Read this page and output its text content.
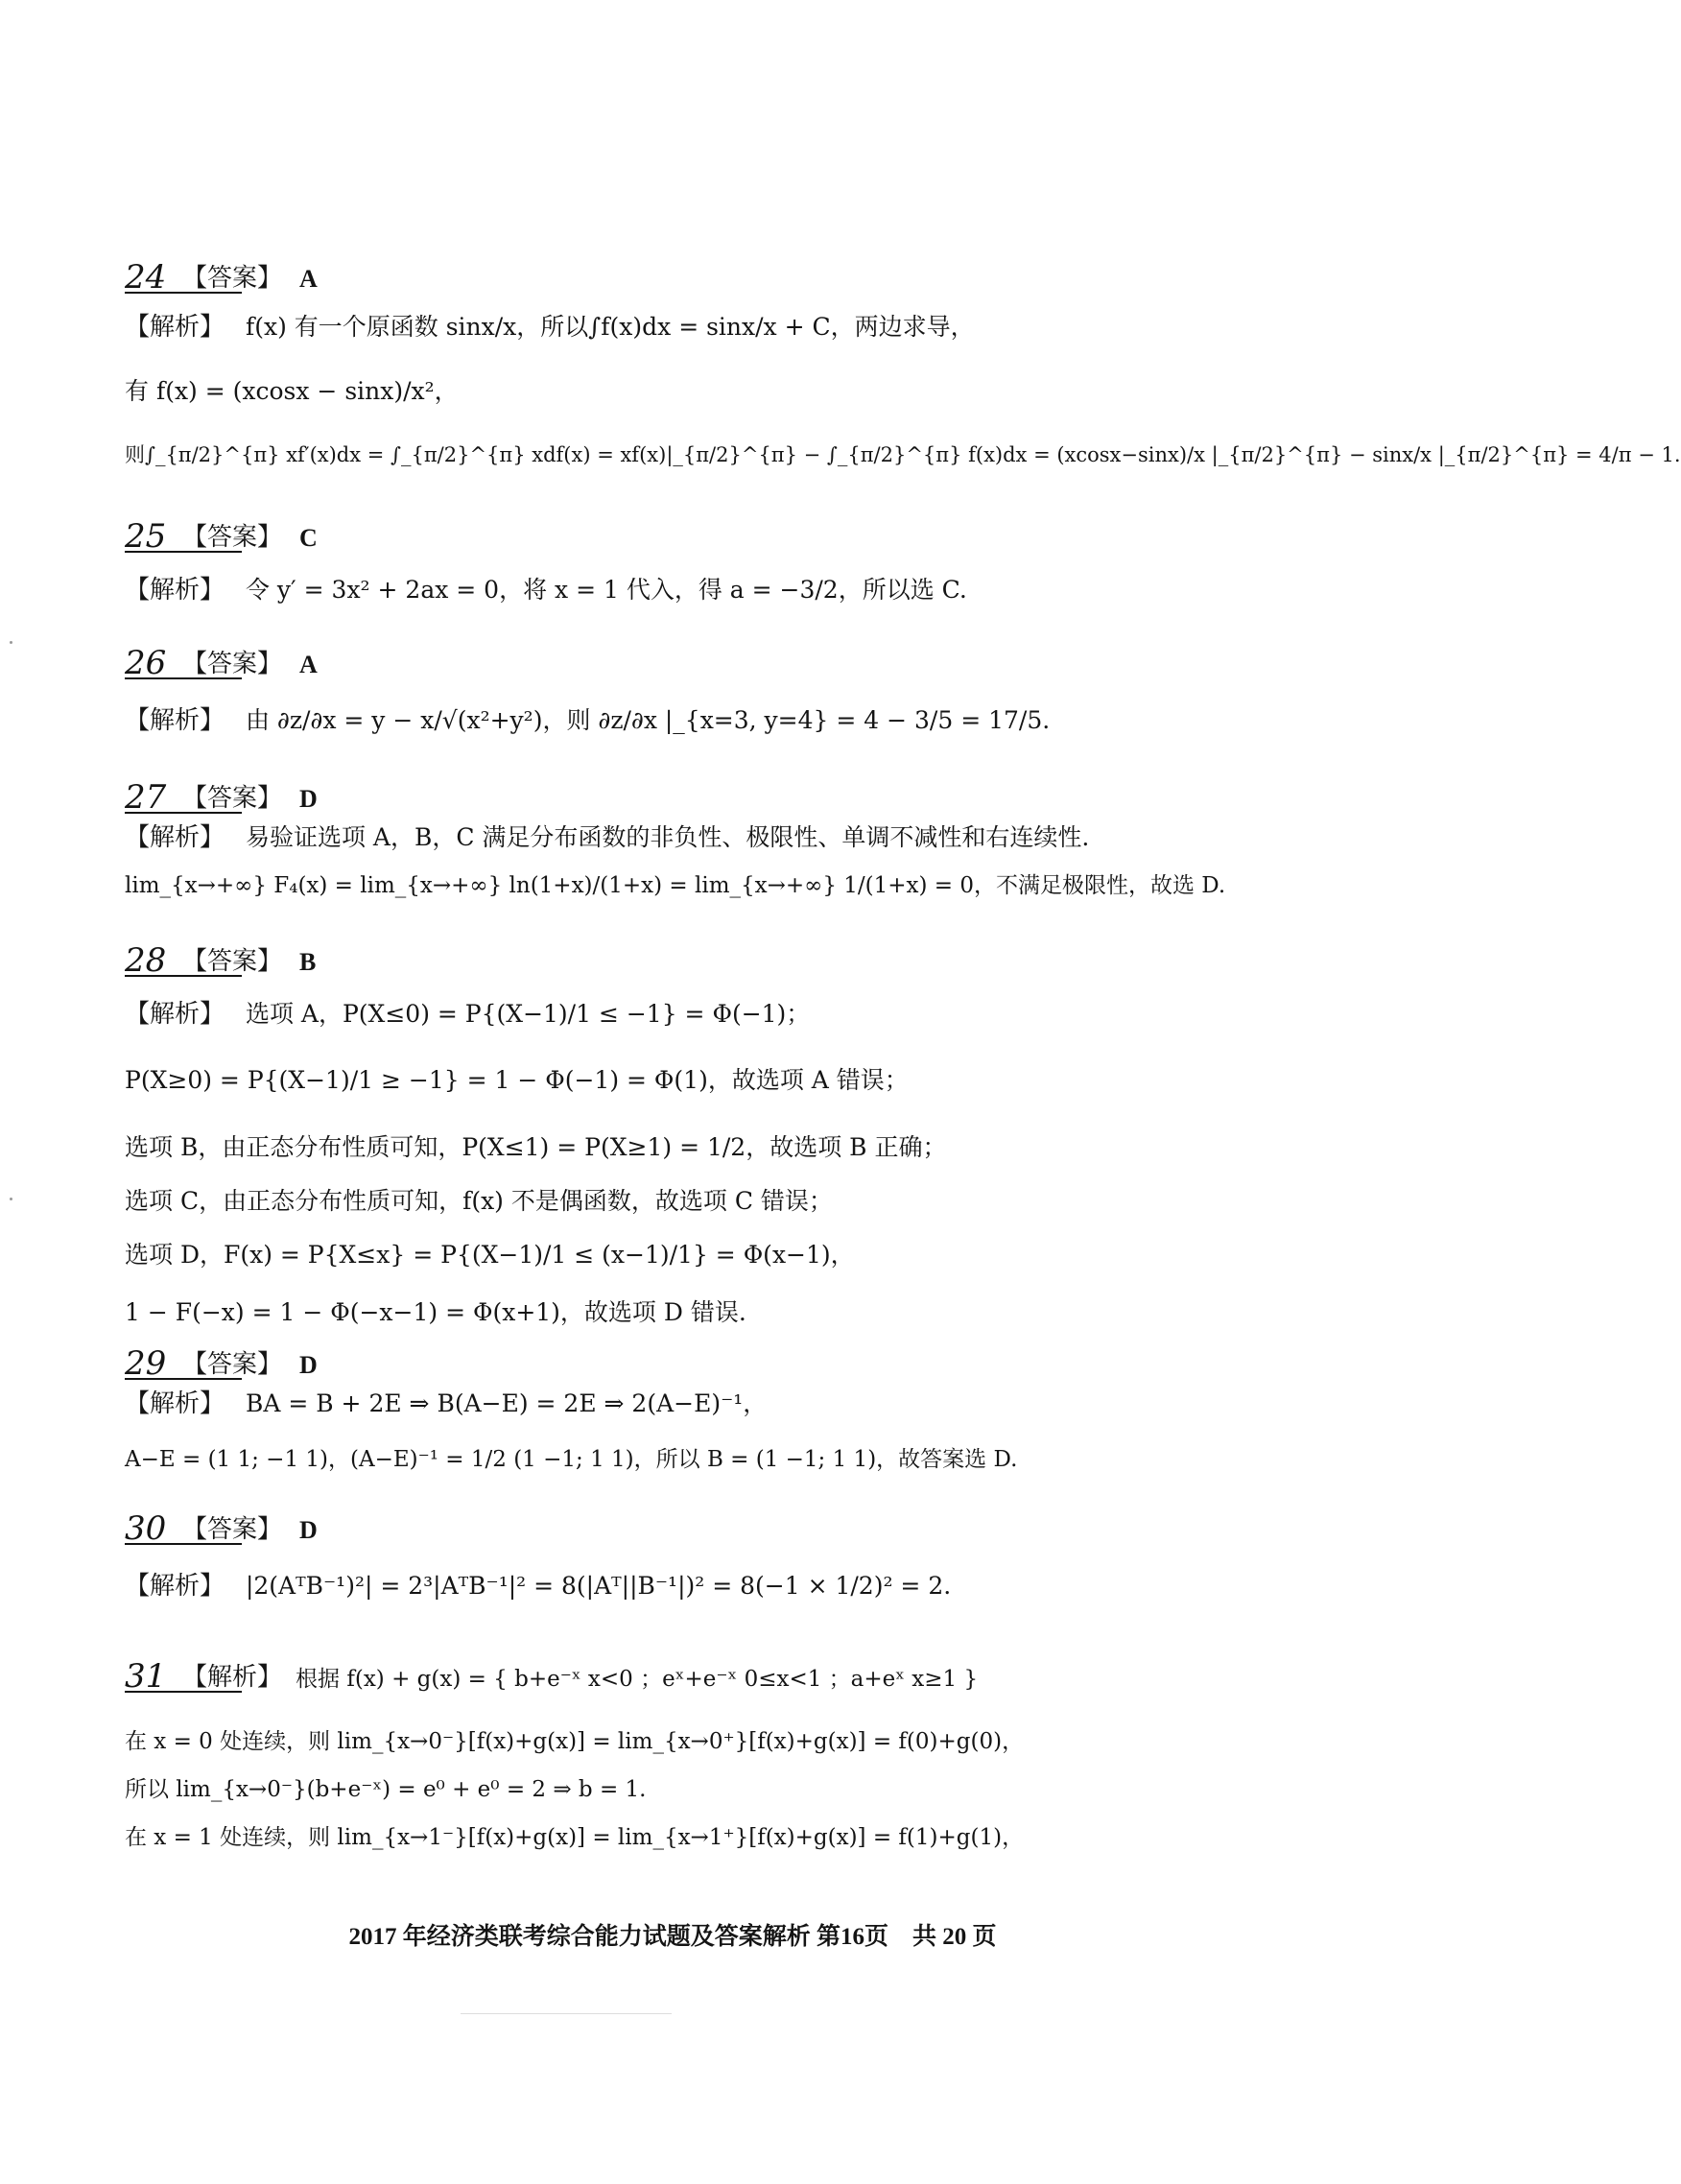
24 【答案】 A
【解析】 f(x) 有一个原函数 sinx/x，所以∫f(x)dx = sinx/x + C，两边求导，
有 f(x) = (xcosx − sinx)/x²，
则∫_{π/2}^{π} xf′(x)dx = ∫_{π/2}^{π} xdf(x) = xf(x)|_{π/2}^{π} − ∫_{π/2}^{π} f(x)dx = (xcosx−sinx)/x |_{π/2}^{π} − sinx/x |_{π/2}^{π} = 4/π − 1.
25 【答案】 C
【解析】 令 y′ = 3x² + 2ax = 0，将 x = 1 代入，得 a = −3/2，所以选 C.
26 【答案】 A
【解析】 由 ∂z/∂x = y − x/√(x²+y²)，则 ∂z/∂x |_{x=3, y=4} = 4 − 3/5 = 17/5.
27 【答案】 D
【解析】 易验证选项 A，B，C 满足分布函数的非负性、极限性、单调不减性和右连续性.
lim_{x→+∞} F₄(x) = lim_{x→+∞} ln(1+x)/(1+x) = lim_{x→+∞} 1/(1+x) = 0，不满足极限性，故选 D.
28 【答案】 B
【解析】 选项 A，P(X≤0) = P{(X−1)/1 ≤ −1} = Φ(−1)；
P(X≥0) = P{(X−1)/1 ≥ −1} = 1 − Φ(−1) = Φ(1)，故选项 A 错误；
选项 B，由正态分布性质可知，P(X≤1) = P(X≥1) = 1/2，故选项 B 正确；
选项 C，由正态分布性质可知，f(x) 不是偶函数，故选项 C 错误；
选项 D，F(x) = P{X≤x} = P{(X−1)/1 ≤ (x−1)/1} = Φ(x−1)，
1 − F(−x) = 1 − Φ(−x−1) = Φ(x+1)，故选项 D 错误.
29 【答案】 D
【解析】 BA = B + 2E ⇒ B(A−E) = 2E ⇒ 2(A−E)⁻¹，
A−E = (1 1; −1 1)，(A−E)⁻¹ = 1/2 (1 −1; 1 1)，所以 B = (1 −1; 1 1)，故答案选 D.
30 【答案】 D
【解析】 |2(AᵀB⁻¹)²| = 2³|AᵀB⁻¹|² = 8(|Aᵀ||B⁻¹|)² = 8(−1 × 1/2)² = 2.
31 【解析】 根据 f(x) + g(x) = { b+e⁻ˣ x<0 ；eˣ+e⁻ˣ 0≤x<1 ；a+eˣ x≥1 }
在 x = 0 处连续，则 lim_{x→0⁻}[f(x)+g(x)] = lim_{x→0⁺}[f(x)+g(x)] = f(0)+g(0)，
所以 lim_{x→0⁻}(b+e⁻ˣ) = e⁰ + e⁰ = 2 ⇒ b = 1.
在 x = 1 处连续，则 lim_{x→1⁻}[f(x)+g(x)] = lim_{x→1⁺}[f(x)+g(x)] = f(1)+g(1)，
2017 年经济类联考综合能力试题及答案解析 第16页　共 20 页
